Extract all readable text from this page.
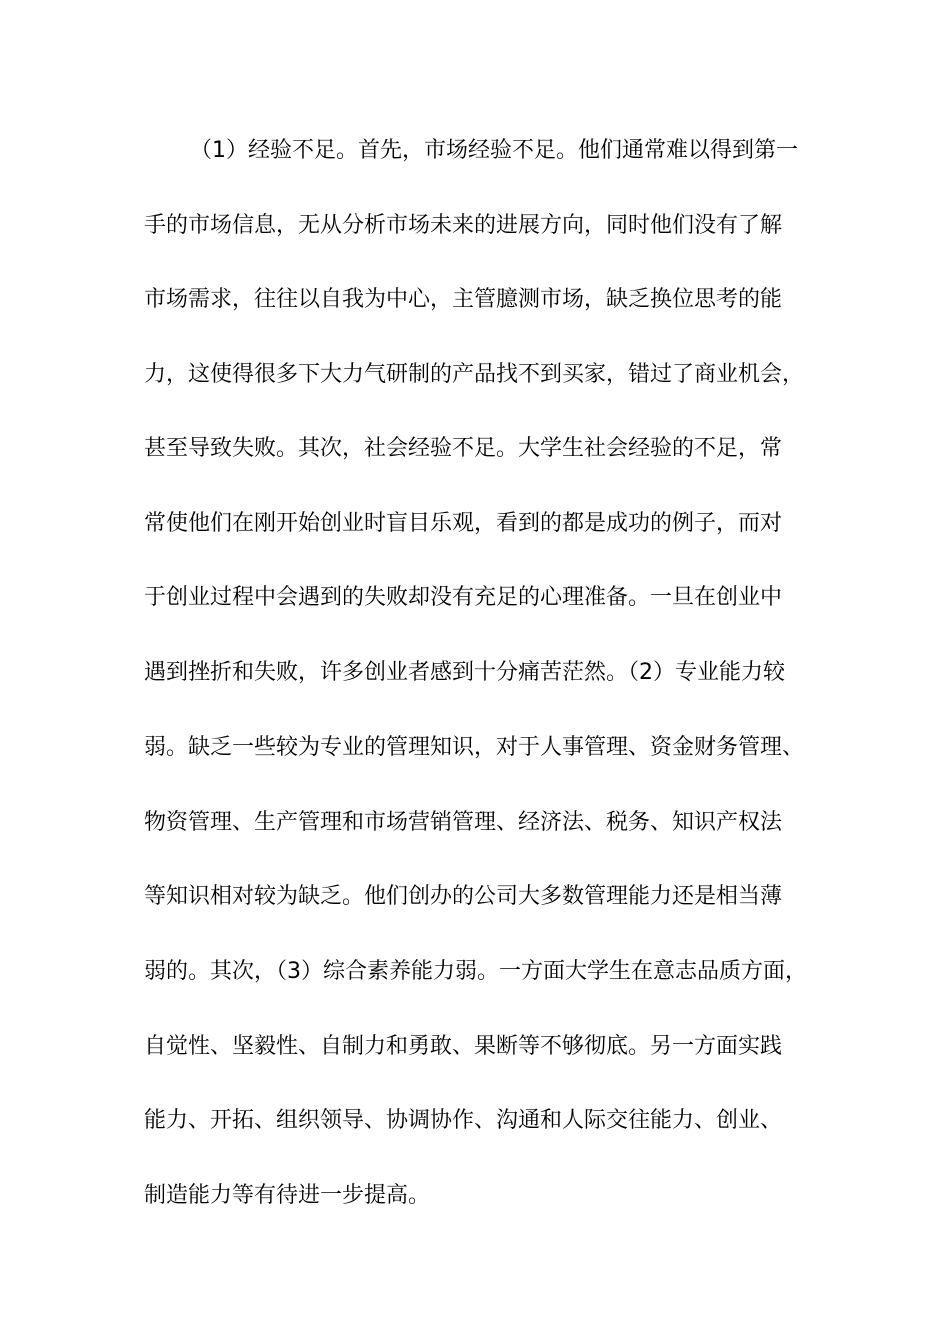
（1）经验不足。首先，市场经验不足。他们通常难以得到第一
手的市场信息，无从分析市场未来的进展方向，同时他们没有了解
市场需求，往往以自我为中心，主管臆测市场，缺乏换位思考的能
力，这使得很多下大力气研制的产品找不到买家，错过了商业机会，
甚至导致失败。其次，社会经验不足。大学生社会经验的不足，常
常使他们在刚开始创业时盲目乐观，看到的都是成功的例子，而对
于创业过程中会遇到的失败却没有充足的心理准备。一旦在创业中
遇到挫折和失败，许多创业者感到十分痛苦茫然。（2）专业能力较
弱。缺乏一些较为专业的管理知识，对于人事管理、资金财务管理、
物资管理、生产管理和市场营销管理、经济法、税务、知识产权法
等知识相对较为缺乏。他们创办的公司大多数管理能力还是相当薄
弱的。其次，（3）综合素养能力弱。一方面大学生在意志品质方面，
自觉性、坚毅性、自制力和勇敢、果断等不够彻底。另一方面实践
能力、开拓、组织领导、协调协作、沟通和人际交往能力、创业、
制造能力等有待进一步提高。
